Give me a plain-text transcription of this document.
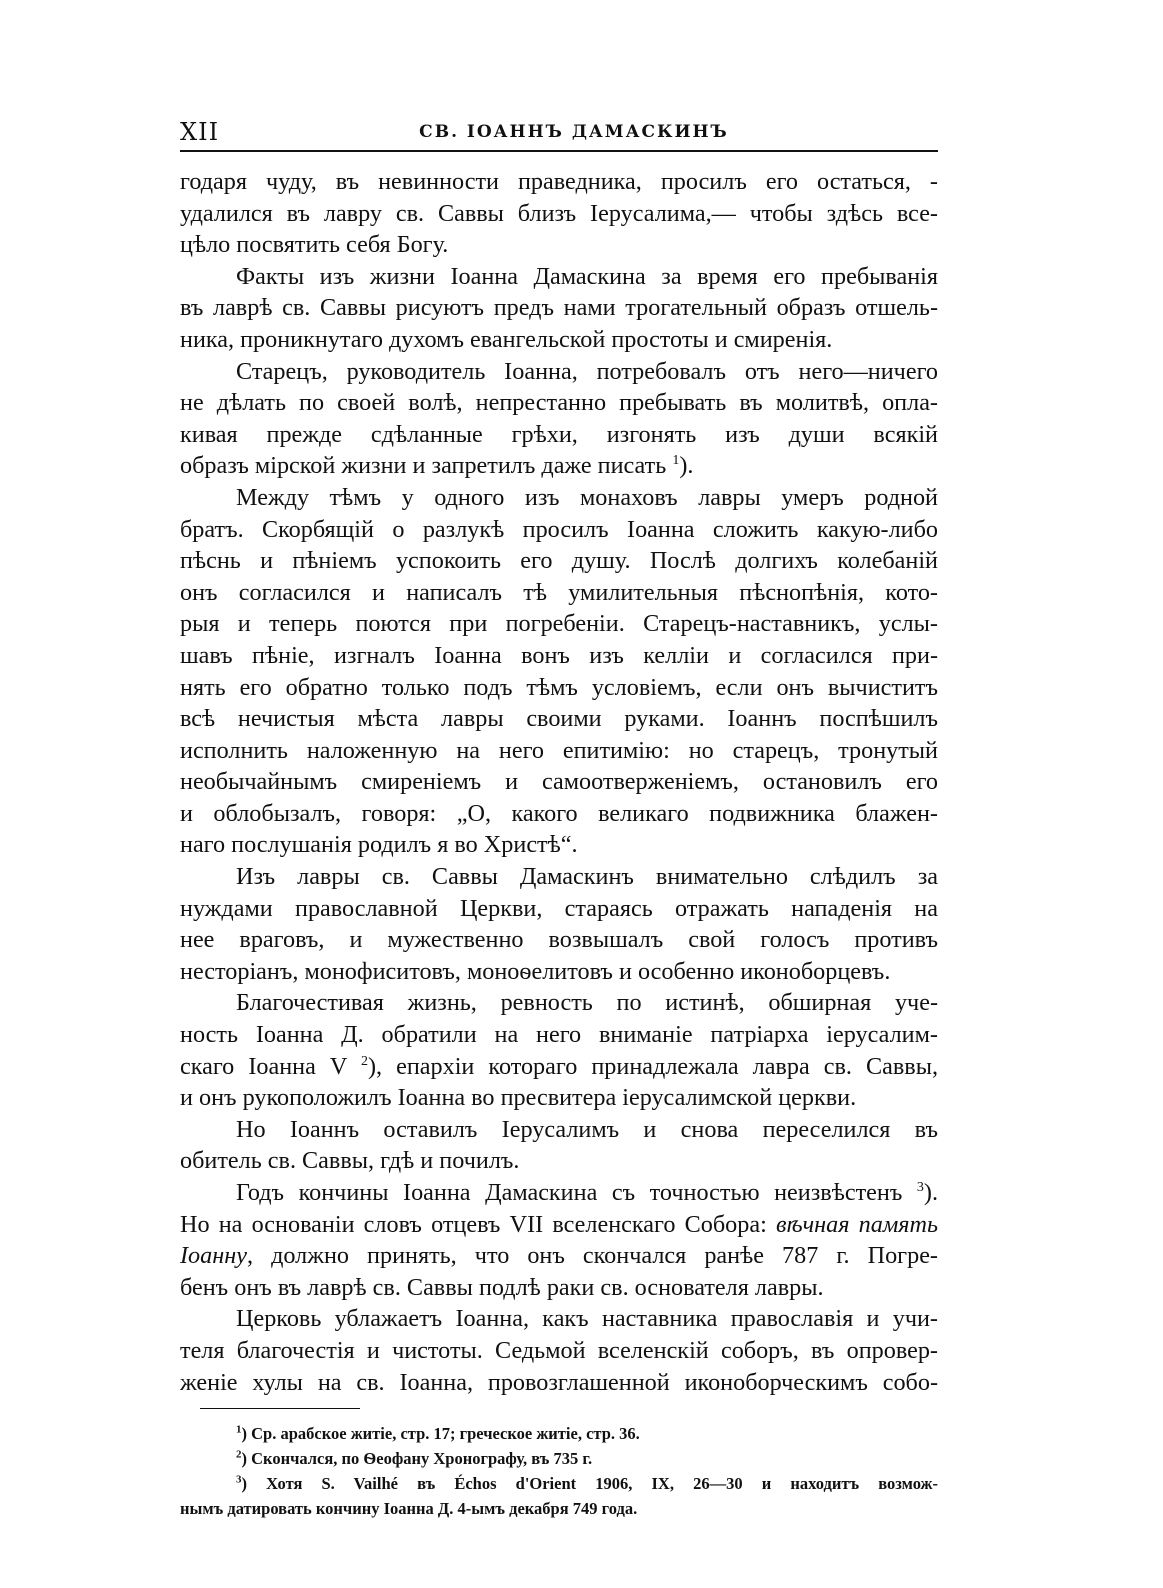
XII	СВ. ІОАННЪ ДАМАСКИНЪ
годаря чуду, въ невинности праведника, просилъ его остаться, -
удалился въ лавру св. Саввы близъ Іерусалима,— чтобы здѣсь все-
цѣло посвятить себя Богу.
Факты изъ жизни Іоанна Дамаскина за время его пребыванія
въ лаврѣ св. Саввы рисуютъ предъ нами трогательный образъ отшель-
ника, проникнутаго духомъ евангельской простоты и смиренія.
Старецъ, руководитель Іоанна, потребовалъ отъ него—ничего
не дѣлать по своей волѣ, непрестанно пребывать въ молитвѣ, опла-
кивая прежде сдѣланные грѣхи, изгонять изъ души всякій
образъ мірской жизни и запретилъ даже писать $^1$).
Между тѣмъ у одного изъ монаховъ лавры умеръ родной
братъ. Скорбящій о разлукѣ просилъ Іоанна сложить какую-либо
пѣснь и пѣніемъ успокоить его душу. Послѣ долгихъ колебаній
онъ согласился и написалъ тѣ умилительныя пѣснопѣнія, кото-
рыя и теперь поются при погребеніи. Старецъ-наставникъ, услы-
шавъ пѣніе, изгналъ Іоанна вонъ изъ келліи и согласился при-
нять его обратно только подъ тѣмъ условіемъ, если онъ вычиститъ
всѣ нечистыя мѣста лавры своими руками. Іоаннъ поспѣшилъ
исполнить наложенную на него епитимію: но старецъ, тронутый
необычайнымъ смиреніемъ и самоотверженіемъ, остановилъ его
и облобызалъ, говоря: „О, какого великаго подвижника блажен-
наго послушанія родилъ я во Христѣ“.
Изъ лавры св. Саввы Дамаскинъ внимательно слѣдилъ за
нуждами православной Церкви, стараясь отражать нападенія на
нее враговъ, и мужественно возвышалъ свой голосъ противъ
несторіанъ, монофиситовъ, моноѳелитовъ и особенно иконоборцевъ.
Благочестивая жизнь, ревность по истинѣ, обширная уче-
ность Іоанна Д. обратили на него вниманіе патріарха іерусалим-
скаго Іоанна V $^2$), епархіи котораго принадлежала лавра св. Саввы,
и онъ рукоположилъ Іоанна во пресвитера іерусалимской церкви.
Но Іоаннъ оставилъ Іерусалимъ и снова переселился въ
обитель св. Саввы, гдѣ и почилъ.
Годъ кончины Іоанна Дамаскина съ точностью неизвѣстенъ $^3$).
Но на основаніи словъ отцевъ VII вселенскаго Собора: вѣчная память
Іоанну, должно принять, что онъ скончался ранѣе 787 г. Погре-
бенъ онъ въ лаврѣ св. Саввы подлѣ раки св. основателя лавры.
Церковь ублажаетъ Іоанна, какъ наставника православія и учи-
теля благочестія и чистоты. Седьмой вселенскій соборъ, въ опровер-
женіе хулы на св. Іоанна, провозглашенной иконоборческимъ собо-
$^1$) Ср. арабское житіе, стр. 17; греческое житіе, стр. 36.
$^2$) Скончался, по Ѳеофану Хронографу, въ 735 г.
$^3$) Хотя S. Vailhé въ Échos d'Orient 1906, IX, 26—30 и находитъ возмож-
нымъ датировать кончину Іоанна Д. 4-ымъ декабря 749 года.
